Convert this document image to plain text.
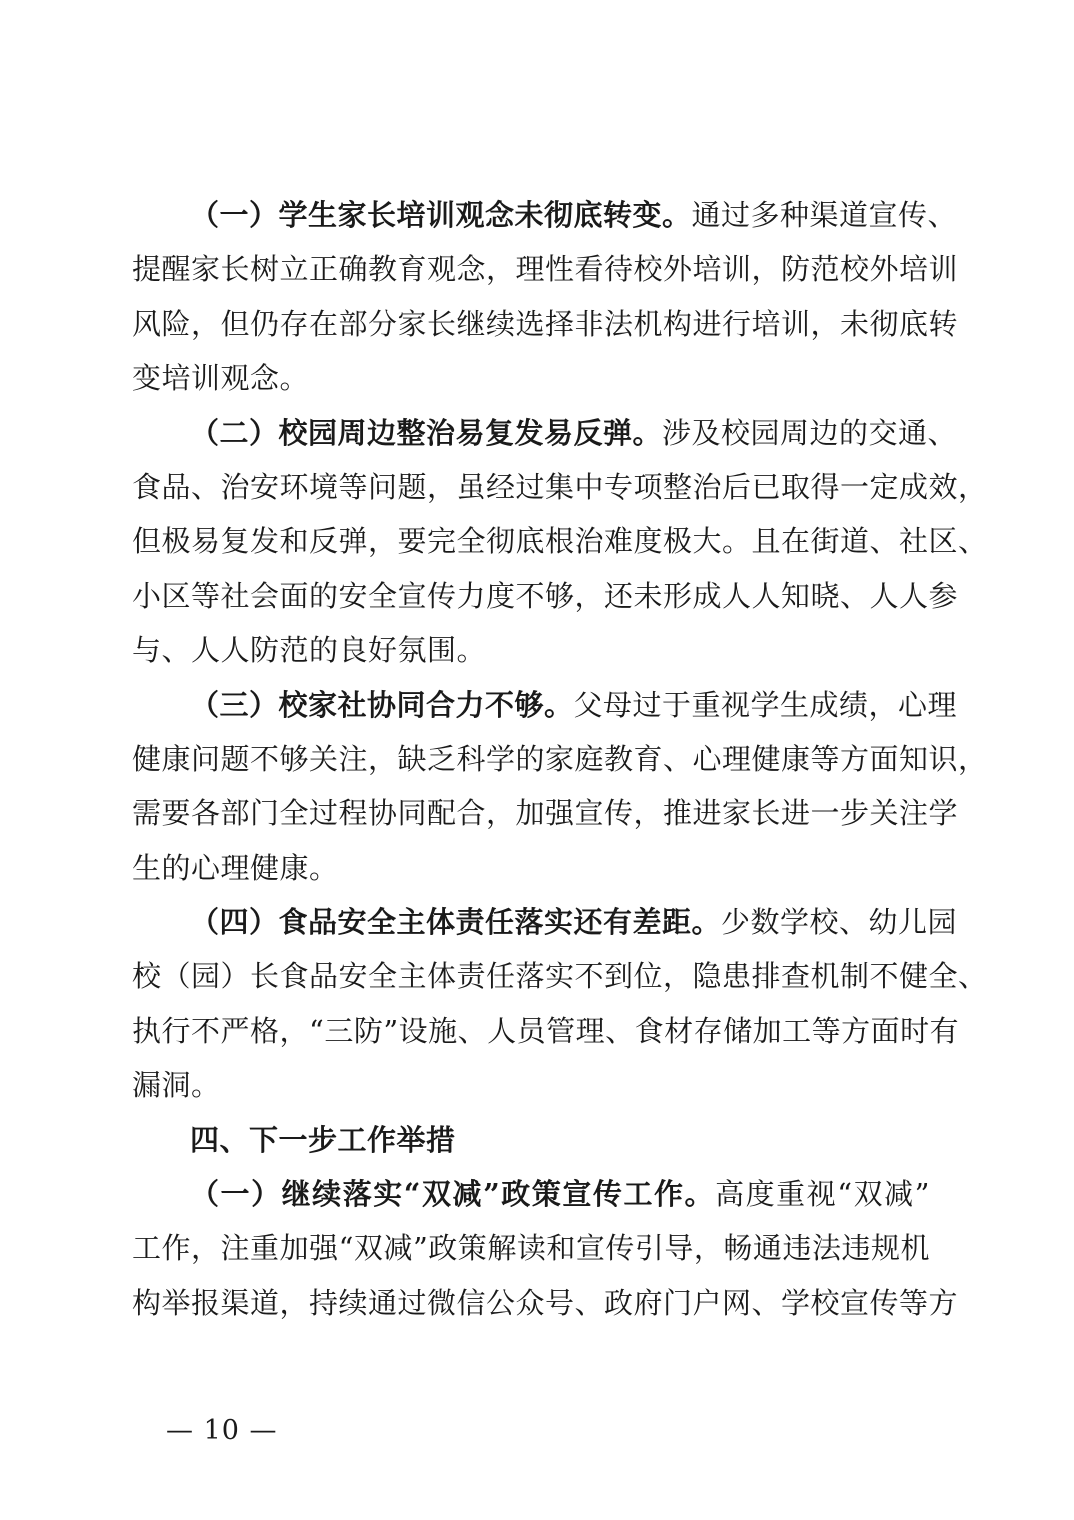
（一）学生家长培训观念未彻底转变。通过多种渠道宣传、
提醒家长树立正确教育观念，理性看待校外培训，防范校外培训
风险，但仍存在部分家长继续选择非法机构进行培训，未彻底转
变培训观念。
（二）校园周边整治易复发易反弹。涉及校园周边的交通、
食品、治安环境等问题，虽经过集中专项整治后已取得一定成效，
但极易复发和反弹，要完全彻底根治难度极大。且在街道、社区、
小区等社会面的安全宣传力度不够，还未形成人人知晓、人人参
与、人人防范的良好氛围。
（三）校家社协同合力不够。父母过于重视学生成绩，心理
健康问题不够关注，缺乏科学的家庭教育、心理健康等方面知识，
需要各部门全过程协同配合，加强宣传，推进家长进一步关注学
生的心理健康。
（四）食品安全主体责任落实还有差距。少数学校、幼儿园
校（园）长食品安全主体责任落实不到位，隐患排查机制不健全、
执行不严格，“三防”设施、人员管理、食材存储加工等方面时有
漏洞。
四、下一步工作举措
（一）继续落实“双减”政策宣传工作。高度重视“双减”
工作，注重加强“双减”政策解读和宣传引导，畅通违法违规机
构举报渠道，持续通过微信公众号、政府门户网、学校宣传等方
— 10 —
